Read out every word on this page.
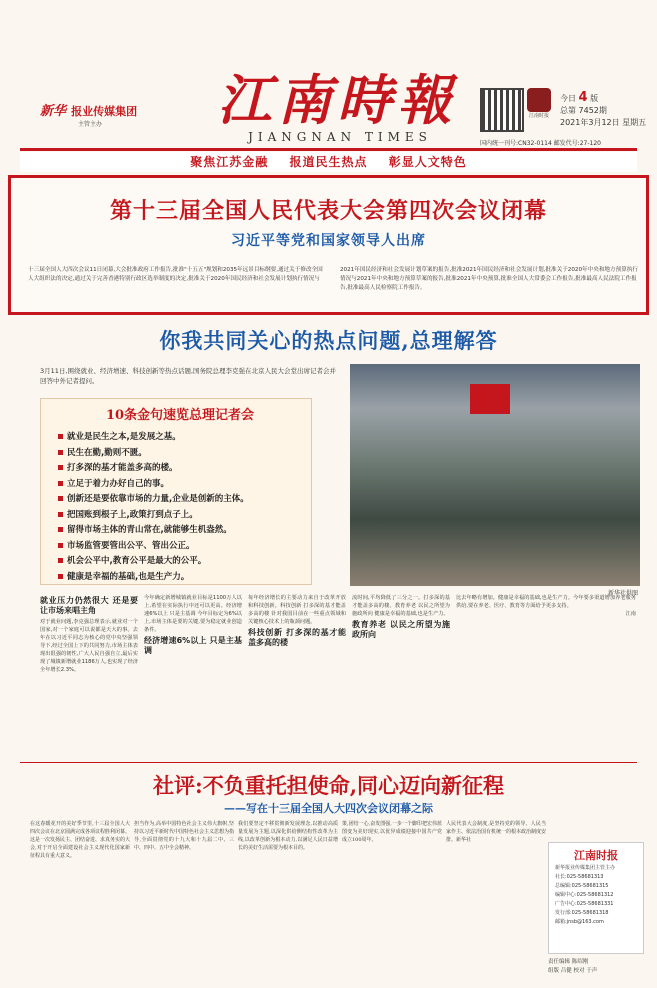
新华 报业传媒集团
主管主办	江南時報
JIANGNAN TIMES
江南时报
今日 4 版
总第 7452期
2021年3月12日 星期五
国内统一刊号:CN32-0114 邮发代号:27-120
聚焦江苏金融 报道民生热点 彰显人文特色
第十三届全国人民代表大会第四次会议闭幕
习近平等党和国家领导人出席
十三届全国人大四次会议11日闭幕,大会批准政府工作报告,批准"十五五"规划和2035年远景目标纲要,通过关于修改全国人大组织法的决定,通过关于完善香港特别行政区选举制度的决定,批准关于2020年国民经济和社会发展计划执行情况与
2021年国民经济和社会发展计划草案的报告,批准2021年国民经济和社会发展计划,批准关于2020年中央和地方预算执行情况与2021年中央和地方预算草案的报告,批准2021年中央预算,批准全国人大常委会工作报告,批准最高人民法院工作报告,批准最高人民检察院工作报告。
你我共同关心的热点问题,总理解答
3月11日,围绕就业、经济增速、科技创新等热点话题,国务院总理李克强在北京人民大会堂出席记者会并回答中外记者提问。
新华社供图
10条金句速览总理记者会
就业是民生之本,是发展之基。
民生在勤,勤则不匮。
打多深的基才能盖多高的楼。
立足于着力办好自己的事。
创新还是要依靠市场的力量,企业是创新的主体。
把国账到根子上,政策打到点子上。
留得市场主体的青山常在,就能够生机盎然。
市场监管要管出公平、管出公正。
机会公平中,教育公平是最大的公平。
健康是幸福的基础,也是生产力。
就业压力仍然很大 还是要让市场来唱主角
对于就业问题,李克强总理表示,就业对一个国家,对一个家庭可以说都是天大的事。去年在以习近平同志为核心的党中央坚强领导下,经过全国上下的共同努力,市场主体表现出很强的韧性,广大人民自强自立,最后实现了城镇新增就业1186万人,也实现了经济全年增长2.3%。
今年确定新增城镇就业目标是1100万人以上,希望在实际执行中还可以更高。经济增速6%以上 只是主基调 今年目标定为6%以上,市场主体是要的关键,要为稳定就业创造条件。
经济增速6%以上 只是主基调
每年经济增长的主要动力来自于改革开放和科技创新。科技创新 打多深的基才能盖多高的楼 针对我国目前在一些重点领域和关键核心技术上的瓶颈问题。
科技创新 打多深的基才能盖多高的楼
流时间,平均降低了三分之一。打多深的基才能盖多高的楼。教育养老 以民之所望为施政所向 健康是幸福的基础,也是生产力。
教育养老 以民之所望为施政所向
比去年略有增加。健康是幸福的基础,也是生产力。今年要多渠道增加养老服务供给,要在养老、医疗、教育等方面给予更多支持。
江南
社评:不负重托担使命,同心迈向新征程
——写在十三届全国人大四次会议闭幕之际
在这春暖花开的美好季节里,十三届全国人大四次会议在北京圆满完成各项议程胜利闭幕。这是一次发扬民主、团结奋进、求真务实的大会,对于开启全面建设社会主义现代化国家新征程具有重大意义。
担当作为,高举中国特色社会主义伟大旗帜,坚持以习近平新时代中国特色社会主义思想为指导,全面贯彻党的十九大和十九届二中、三中、四中、五中全会精神。
我们要坚定不移贯彻新发展理念,以推动高质量发展为主题,以深化供给侧结构性改革为主线,以改革创新为根本动力,以满足人民日益增长的美好生活需要为根本目的。
策,团结一心,奋发图强,一步一个脚印把宏伟蓝图变为美好现实,以优异成绩迎接中国共产党成立100周年。
人民代表大会制度,是坚持党的领导、人民当家作主、依法治国有机统一的根本政治制度安排。新华社
江南时报

新华报业传媒集团主管主办

社长:025-58681313

总编辑:025-58681315

编辑中心:025-58681312

广告中心:025-58681331

发行部:025-58681318

邮箱:jnsb@163.com

责任编辑 陈绍刚
组版 吕健 校对 于声
